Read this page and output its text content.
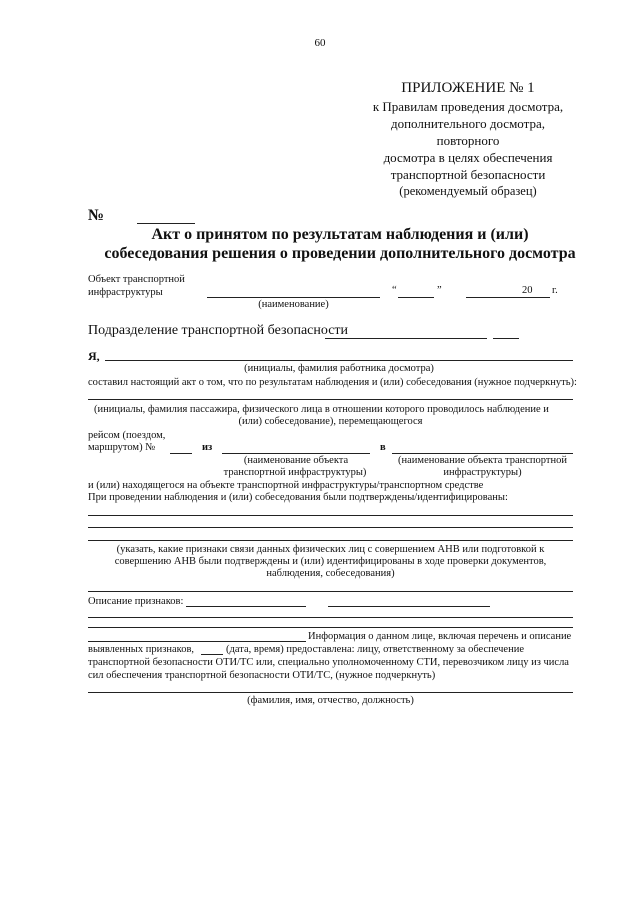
60
ПРИЛОЖЕНИЕ № 1
к Правилам проведения досмотра,
дополнительного досмотра,
повторного
досмотра в целях обеспечения
транспортной безопасности
(рекомендуемый образец)
№
Акт о принятом по результатам наблюдения и (или)
собеседования решения о проведении дополнительного досмотра
Объект транспортной
инфраструктуры
(наименование)
“	”	20 г.
Подразделение транспортной безопасности
Я,
(инициалы, фамилия работника досмотра)
составил настоящий акт о том, что по результатам наблюдения и (или) собеседования (нужное подчеркнуть):
(инициалы, фамилия пассажира, физического лица в отношении которого проводилось наблюдение и
(или) собеседование), перемещающегося
рейсом (поездом,
маршрутом) №	из	в
(наименование объекта
транспортной инфраструктуры)
(наименование объекта транспортной
инфраструктуры)
и (или) находящегося на объекте транспортной инфраструктуры/транспортном средстве
При проведении наблюдения и (или) собеседования были подтверждены/идентифицированы:
(указать, какие признаки связи данных физических лиц с совершением АНВ или подготовкой к
совершению АНВ были подтверждены и (или) идентифицированы в ходе проверки документов,
наблюдения, собеседования)
Описание признаков:
Информация о данном лице, включая перечень и описание
выявленных признаков,	(дата, время) предоставлена: лицу, ответственному за обеспечение
транспортной безопасности ОТИ/ТС или, специально уполномоченному СТИ, перевозчиком лицу из числа
сил обеспечения транспортной безопасности ОТИ/ТС, (нужное подчеркнуть)
(фамилия, имя, отчество, должность)
